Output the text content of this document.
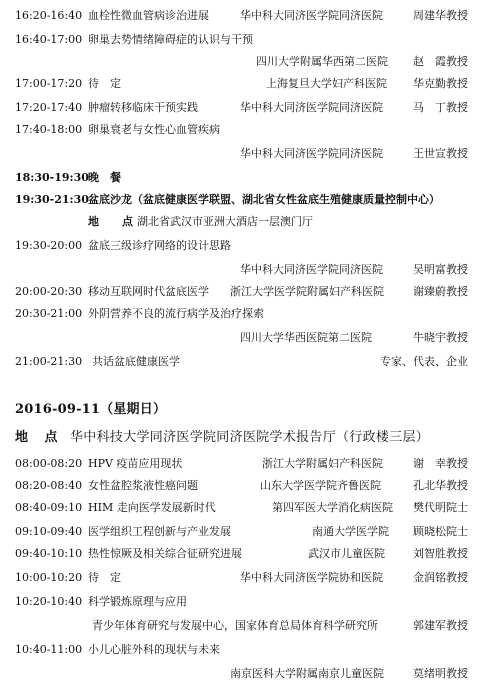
16:20-16:40 血栓性微血管病诊治进展	华中科大同济医学院同济医院	周建华教授
16:40-17:00 卵巢去势情绪障碍症的认识与干预
四川大学附属华西第二医院 赵　霞教授
17:00-17:20 待　定	上海复旦大学妇产科医院 华克勤教授
17:20-17:40 肿瘤转移临床干预实践	华中科大同济医学院同济医院	马　丁教授
17:40-18:00 卵巢衰老与女性心血管疾病
华中科大同济医学院同济医院	王世宣教授
18:30-19:30 晚　餐
19:30-21:30 盆底沙龙（盆底健康医学联盟、湖北省女性盆底生殖健康质量控制中心）
地　点
：湖北省武汉市亚洲大酒店一层澳门厅
19:30-20:00 盆底三级诊疗网络的设计思路
华中科大同济医学院同济医院	吴明富教授
20:00-20:30 移动互联网时代盆底医学 浙江大学医学院附属妇产科医院	谢臻蔚教授
20:30-21:00 外阴营养不良的流行病学及治疗探索
四川大学华西医院第二医院	牛晓宇教授
21:00-21:30 共话盆底健康医学	专家、代表、企业
2016-09-11（星期日）
地 点 华中科技大学同济医学院同济医院学术报告厅（行政楼三层）
08:00-08:20 HPV 疫苗应用现状	浙江大学附属妇产科医院	谢　幸教授
08:20-08:40 女性盆腔浆液性癌问题	山东大学医学院齐鲁医院	孔北华教授
08:40-09:10 HIM 走向医学发展新时代	第四军医大学消化病医院 樊代明院士
09:10-09:40 医学组织工程创新与产业发展	南通大学医学院 顾晓松院士
09:40-10:10 热性惊厥及相关综合征研究进展	武汉市儿童医院	刘智胜教授
10:00-10:20 待　定	华中科大同济医学院协和医院	金润铭教授
10:20-10:40 科学锻炼原理与应用
青少年体育研究与发展中心，国家体育总局体育科学研究所	郭建军教授
10:40-11:00 小儿心脏外科的现状与未来
南京医科大学附属南京儿童医院	莫绪明教授
